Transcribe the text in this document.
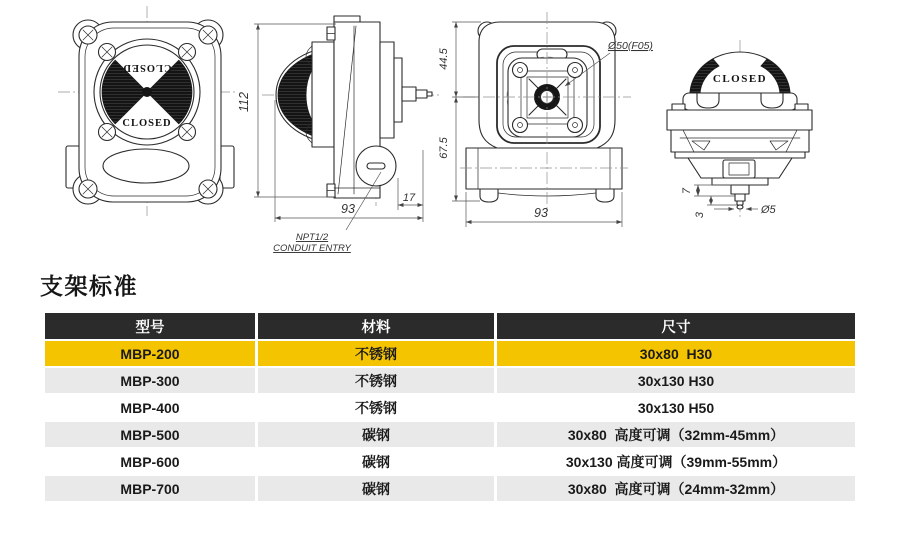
CLOSED
CLOSED
112
93
17
NPT1/2
CONDUIT ENTRY
Ø50(F05)
44.5
67.5
93
CLOSED
7
3	Ø5
支架标准
型号	材料	尺寸
MBP-200	不锈钢	30x80  H30
MBP-300	不锈钢	30x130 H30
MBP-400	不锈钢	30x130 H50
MBP-500	碳钢	30x80  高度可调（32mm-45mm）
MBP-600	碳钢	30x130 高度可调（39mm-55mm）
MBP-700	碳钢	30x80  高度可调（24mm-32mm）
